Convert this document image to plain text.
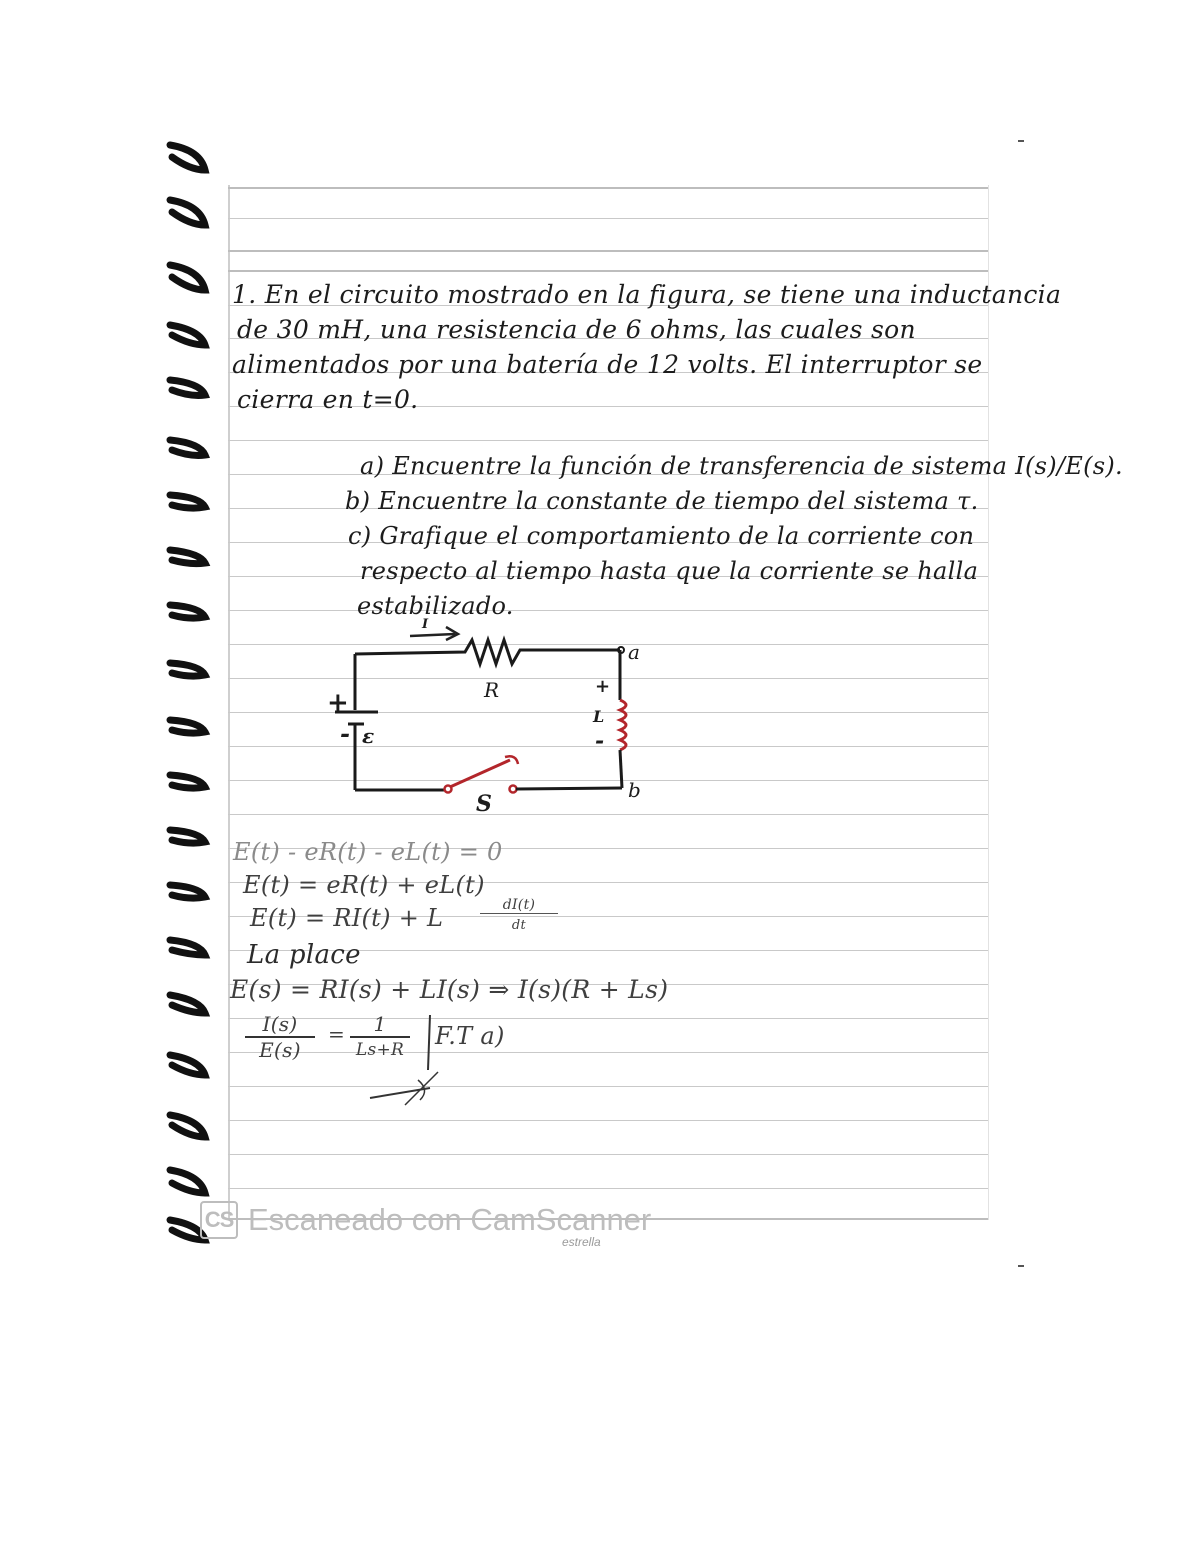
1. En el circuito mostrado en la figura, se tiene una inductancia
de 30 mH, una resistencia de 6 ohms, las cuales son
alimentados por una batería de 12 volts. El interruptor se
cierra en t=0.
a) Encuentre la función de transferencia de sistema I(s)/E(s).
b) Encuentre la constante de tiempo del sistema τ.
c) Grafique el comportamiento de la corriente con
respecto al tiempo hasta que la corriente se halla
estabilizado.
I
R
a
b
L
+
- ε
+
-
S
E(t) - eR(t) - eL(t) = 0
E(t) = eR(t) + eL(t)
E(t) = RI(t) + L	dI(t)
dt
La place
E(s) = RI(s) + LI(s) ⇒ I(s)(R + Ls)
I(s)
E(s)
=	1
Ls+R	F.T a)
CS Escaneado con CamScanner
estrella
